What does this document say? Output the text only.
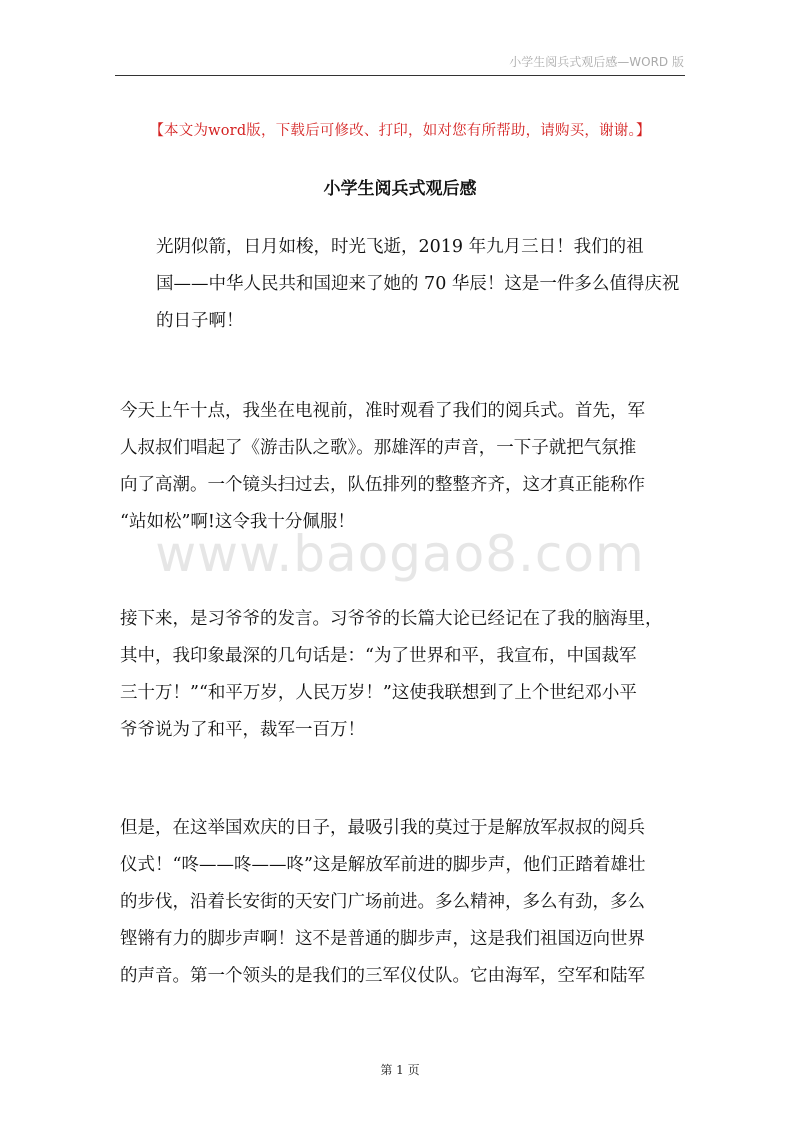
小学生阅兵式观后感—WORD 版
【本文为word版，下载后可修改、打印，如对您有所帮助，请购买，谢谢。】
小学生阅兵式观后感
www.baogao8.com

光阴似箭，日月如梭，时光飞逝，2019 年九月三日！我们的祖
国——中华人民共和国迎来了她的 70 华辰！这是一件多么值得庆祝
的日子啊！

今天上午十点，我坐在电视前，准时观看了我们的阅兵式。首先，军
人叔叔们唱起了《游击队之歌》。那雄浑的声音，一下子就把气氛推
向了高潮。一个镜头扫过去，队伍排列的整整齐齐，这才真正能称作
“站如松”啊!这令我十分佩服！

接下来，是习爷爷的发言。习爷爷的长篇大论已经记在了我的脑海里，
其中，我印象最深的几句话是：“为了世界和平，我宣布，中国裁军
三十万！”“和平万岁，人民万岁！”这使我联想到了上个世纪邓小平
爷爷说为了和平，裁军一百万！

但是，在这举国欢庆的日子，最吸引我的莫过于是解放军叔叔的阅兵
仪式！“咚——咚——咚”这是解放军前进的脚步声，他们正踏着雄壮
的步伐，沿着长安街的天安门广场前进。多么精神，多么有劲，多么
铿锵有力的脚步声啊！这不是普通的脚步声，这是我们祖国迈向世界
的声音。第一个领头的是我们的三军仪仗队。它由海军，空军和陆军

第 1 页
